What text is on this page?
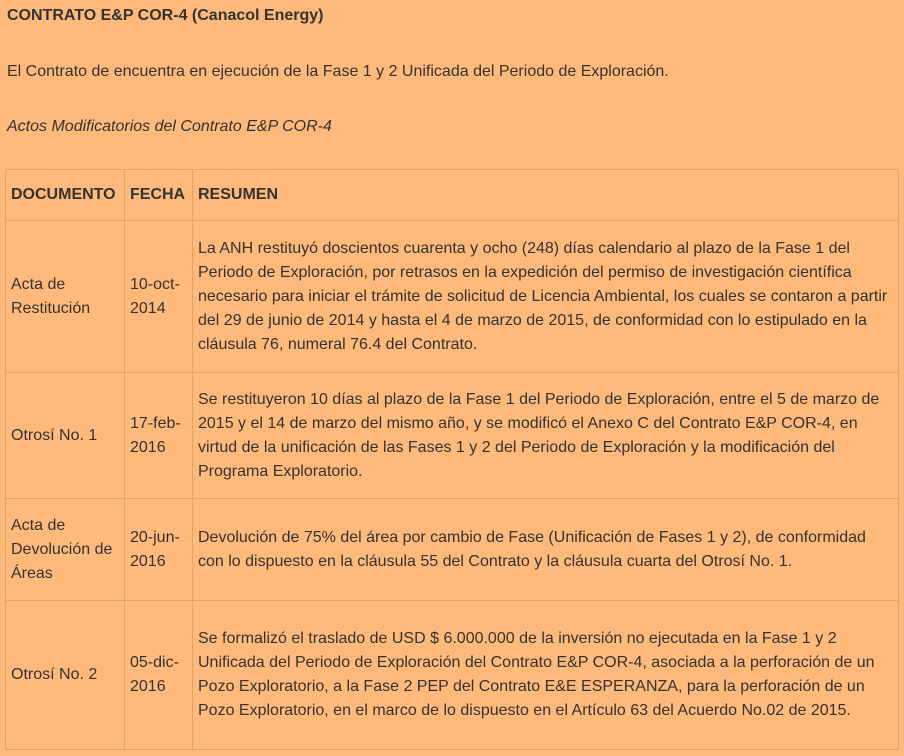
CONTRATO E&P COR-4 (Canacol Energy)

El Contrato de encuentra en ejecución de la Fase 1 y 2 Unificada del Periodo de Exploración.

Actos Modificatorios del Contrato E&P COR-4

DOCUMENTO	FECHA	RESUMEN
Acta de Restitución	10-oct-2014	La ANH restituyó doscientos cuarenta y ocho (248) días calendario al plazo de la Fase 1 del Periodo de Exploración, por retrasos en la expedición del permiso de investigación científica necesario para iniciar el trámite de solicitud de Licencia Ambiental, los cuales se contaron a partir del 29 de junio de 2014 y hasta el 4 de marzo de 2015, de conformidad con lo estipulado en la cláusula 76, numeral 76.4 del Contrato.
Otrosí No. 1	17-feb-2016	Se restituyeron 10 días al plazo de la Fase 1 del Periodo de Exploración, entre el 5 de marzo de 2015 y el 14 de marzo del mismo año, y se modificó el Anexo C del Contrato E&P COR-4, en virtud de la unificación de las Fases 1 y 2 del Periodo de Exploración y la modificación del Programa Exploratorio.
Acta de Devolución de Áreas	20-jun-2016	Devolución de 75% del área por cambio de Fase (Unificación de Fases 1 y 2), de conformidad con lo dispuesto en la cláusula 55 del Contrato y la cláusula cuarta del Otrosí No. 1.
Otrosí No. 2	05-dic-2016	Se formalizó el traslado de USD $ 6.000.000 de la inversión no ejecutada en la Fase 1 y 2 Unificada del Periodo de Exploración del Contrato E&P COR-4, asociada a la perforación de un Pozo Exploratorio, a la Fase 2 PEP del Contrato E&E ESPERANZA, para la perforación de un Pozo Exploratorio, en el marco de lo dispuesto en el Artículo 63 del Acuerdo No.02 de 2015.
